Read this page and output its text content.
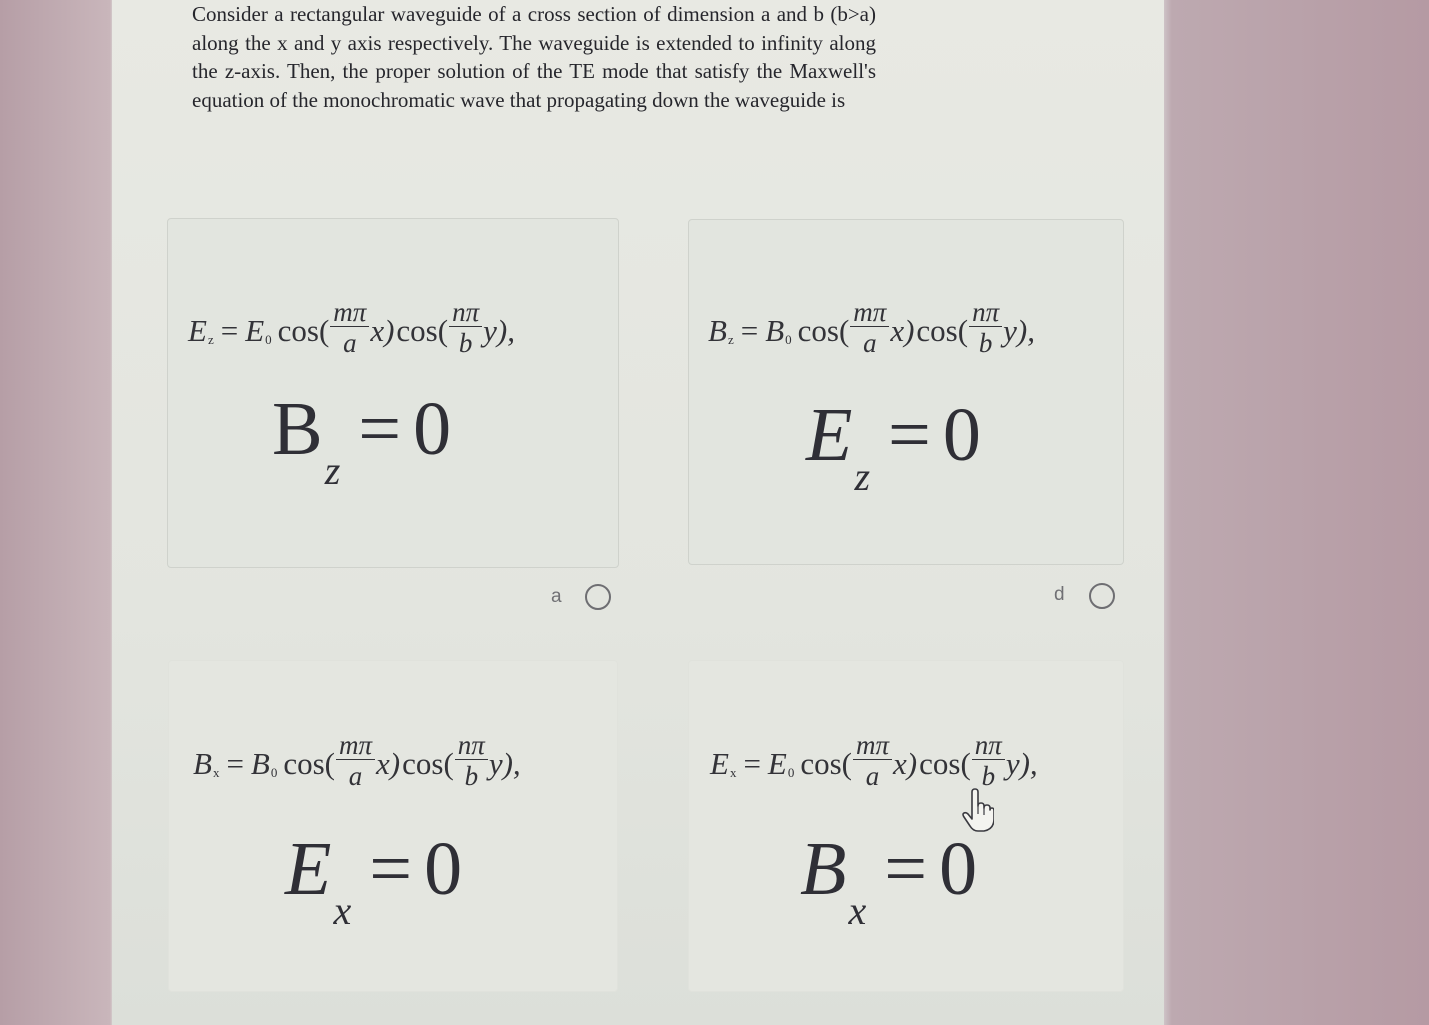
Consider a rectangular waveguide of a cross section of dimension a and b (b>a) along the x and y axis respectively. The waveguide is extended to infinity along the z-axis. Then, the proper solution of the TE mode that satisfy the Maxwell's equation of the monochromatic wave that propagating down the waveguide is

E z = E 0 $\cos( \frac{m\pi}{a} x)$ $\cos( \frac{n\pi}{b} y)$,
B z = 0
a
B z = B 0 $\cos( \frac{m\pi}{a} x)$ $\cos( \frac{n\pi}{b} y)$,
E z = 0
d
B x = B 0 $\cos( \frac{m\pi}{a} x)$ $\cos( \frac{n\pi}{b} y)$,
E x = 0
E x = E 0 $\cos( \frac{m\pi}{a} x)$ $\cos( \frac{n\pi}{b} y)$,
B x = 0
